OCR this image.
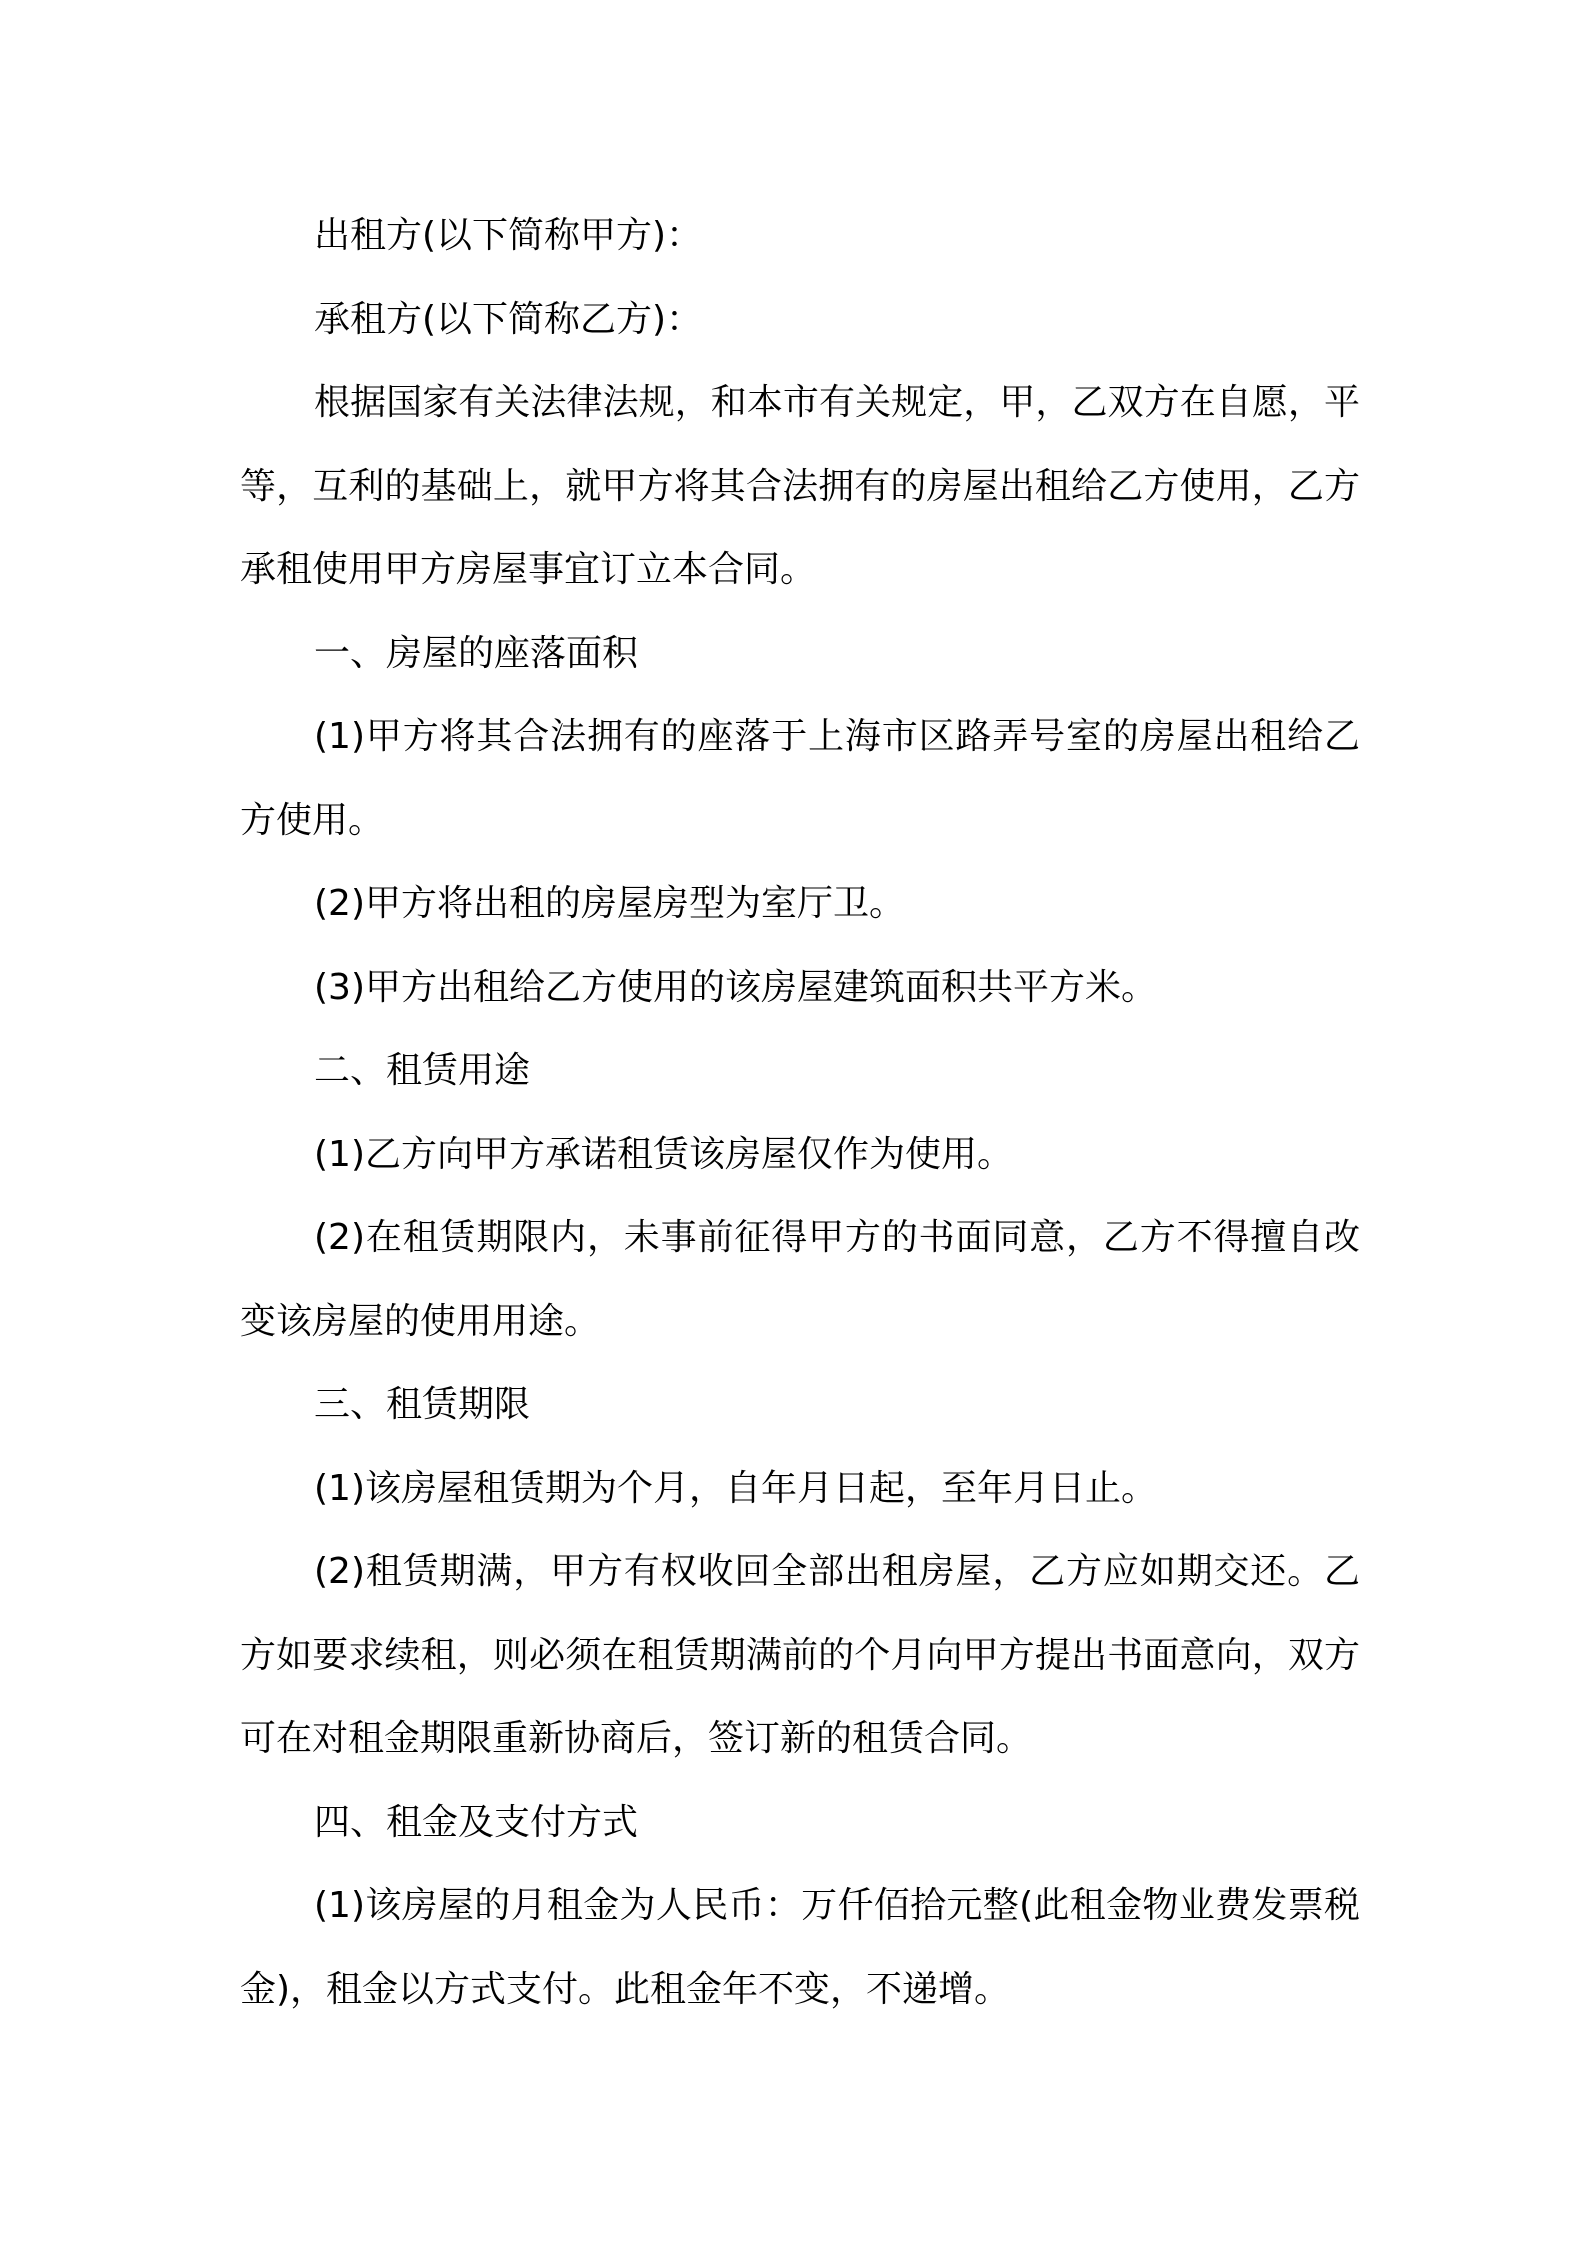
出租方(以下简称甲方)：

承租方(以下简称乙方)：

根据国家有关法律法规，和本市有关规定，甲，乙双方在自愿，平等，互利的基础上，就甲方将其合法拥有的房屋出租给乙方使用，乙方承租使用甲方房屋事宜订立本合同。

一、房屋的座落面积

(1)甲方将其合法拥有的座落于上海市区路弄号室的房屋出租给乙方使用。

(2)甲方将出租的房屋房型为室厅卫。

(3)甲方出租给乙方使用的该房屋建筑面积共平方米。

二、租赁用途

(1)乙方向甲方承诺租赁该房屋仅作为使用。

(2)在租赁期限内，未事前征得甲方的书面同意，乙方不得擅自改变该房屋的使用用途。

三、租赁期限

(1)该房屋租赁期为个月，自年月日起，至年月日止。

(2)租赁期满，甲方有权收回全部出租房屋，乙方应如期交还。乙方如要求续租，则必须在租赁期满前的个月向甲方提出书面意向，双方可在对租金期限重新协商后，签订新的租赁合同。

四、租金及支付方式

(1)该房屋的月租金为人民币：万仟佰拾元整(此租金物业费发票税金)，租金以方式支付。此租金年不变，不递增。
